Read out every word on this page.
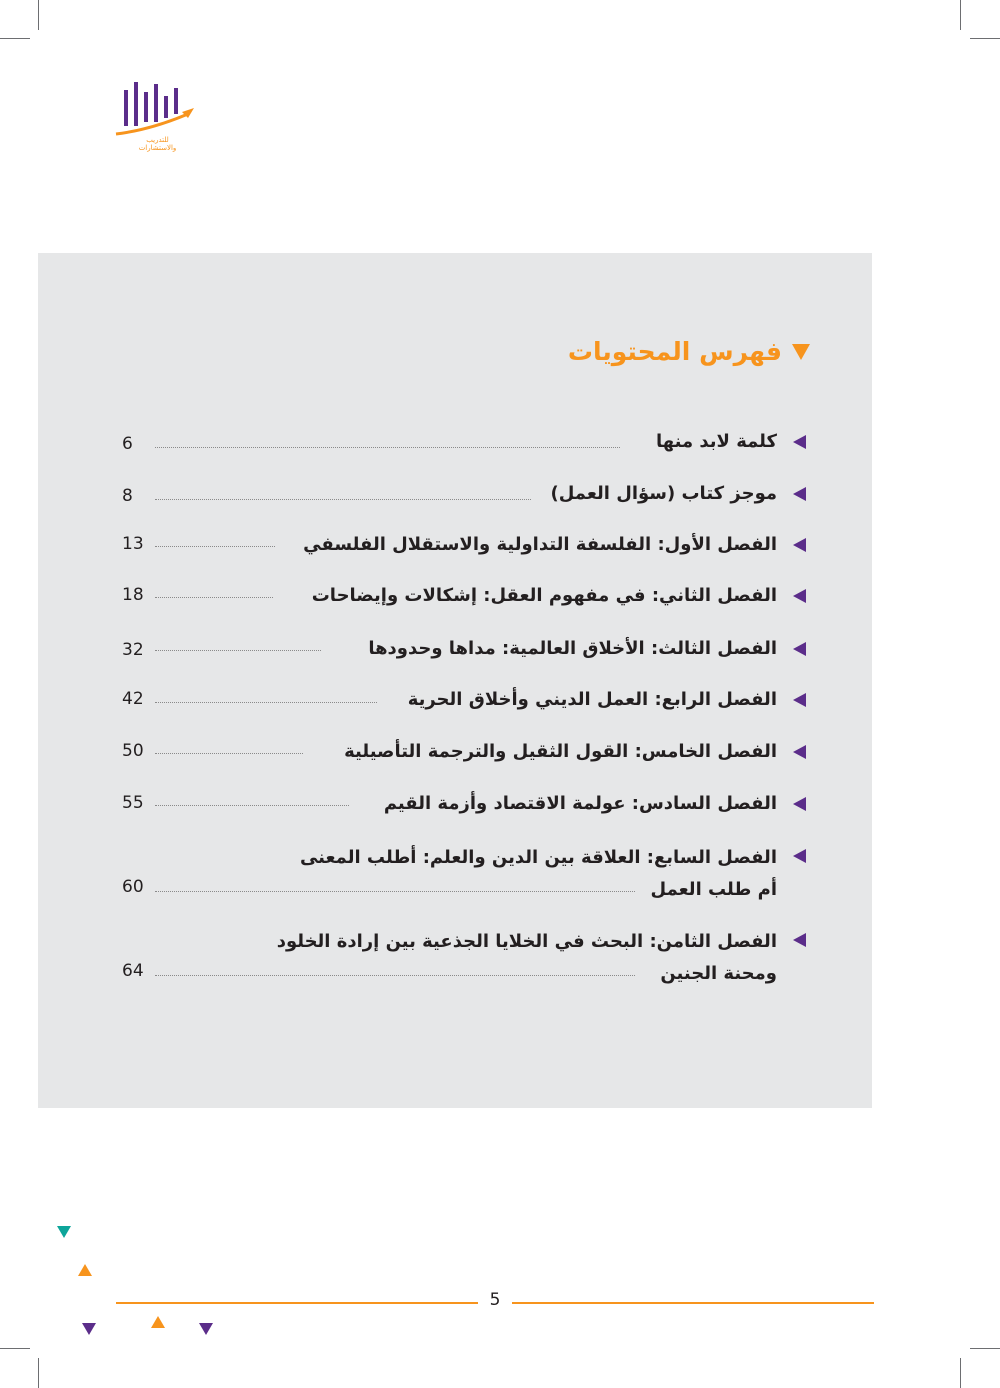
للتدريب
والاستشارات
فهرس المحتويات
كلمة لابد منها
6
موجز كتاب (سؤال العمل)
8
الفصل الأول: الفلسفة التداولية والاستقلال الفلسفي
13
الفصل الثاني: في مفهوم العقل: إشكالات وإيضاحات
18
الفصل الثالث: الأخلاق العالمية: مداها وحدودها
32
الفصل الرابع: العمل الديني وأخلاق الحرية
42
الفصل الخامس: القول الثقيل والترجمة التأصيلية
50
الفصل السادس: عولمة الاقتصاد وأزمة القيم
55
الفصل السابع: العلاقة بين الدين والعلم: أطلب المعنى
أم طلب العمل
60
الفصل الثامن: البحث في الخلايا الجذعية بين إرادة الخلود
ومحنة الجنين
64
5
